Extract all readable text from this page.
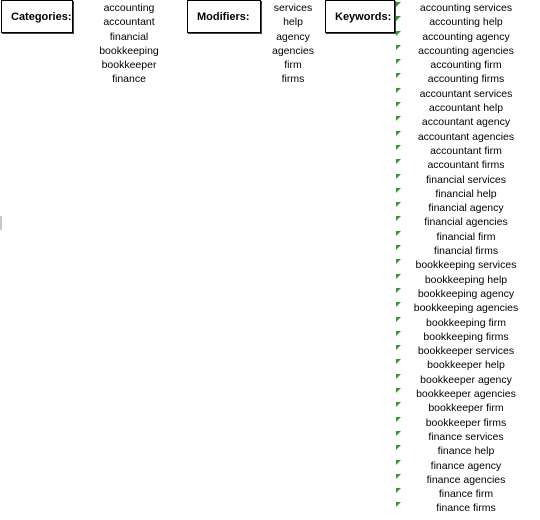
Categories:
accounting
accountant
financial
bookkeeping
bookkeeper
finance
Modifiers:
services
help
agency
agencies
firm
firms
Keywords:
accounting services
accounting help
accounting agency
accounting agencies
accounting firm
accounting firms
accountant services
accountant help
accountant agency
accountant agencies
accountant firm
accountant firms
financial services
financial help
financial agency
financial agencies
financial firm
financial firms
bookkeeping services
bookkeeping help
bookkeeping agency
bookkeeping agencies
bookkeeping firm
bookkeeping firms
bookkeeper services
bookkeeper help
bookkeeper agency
bookkeeper agencies
bookkeeper firm
bookkeeper firms
finance services
finance help
finance agency
finance agencies
finance firm
finance firms
